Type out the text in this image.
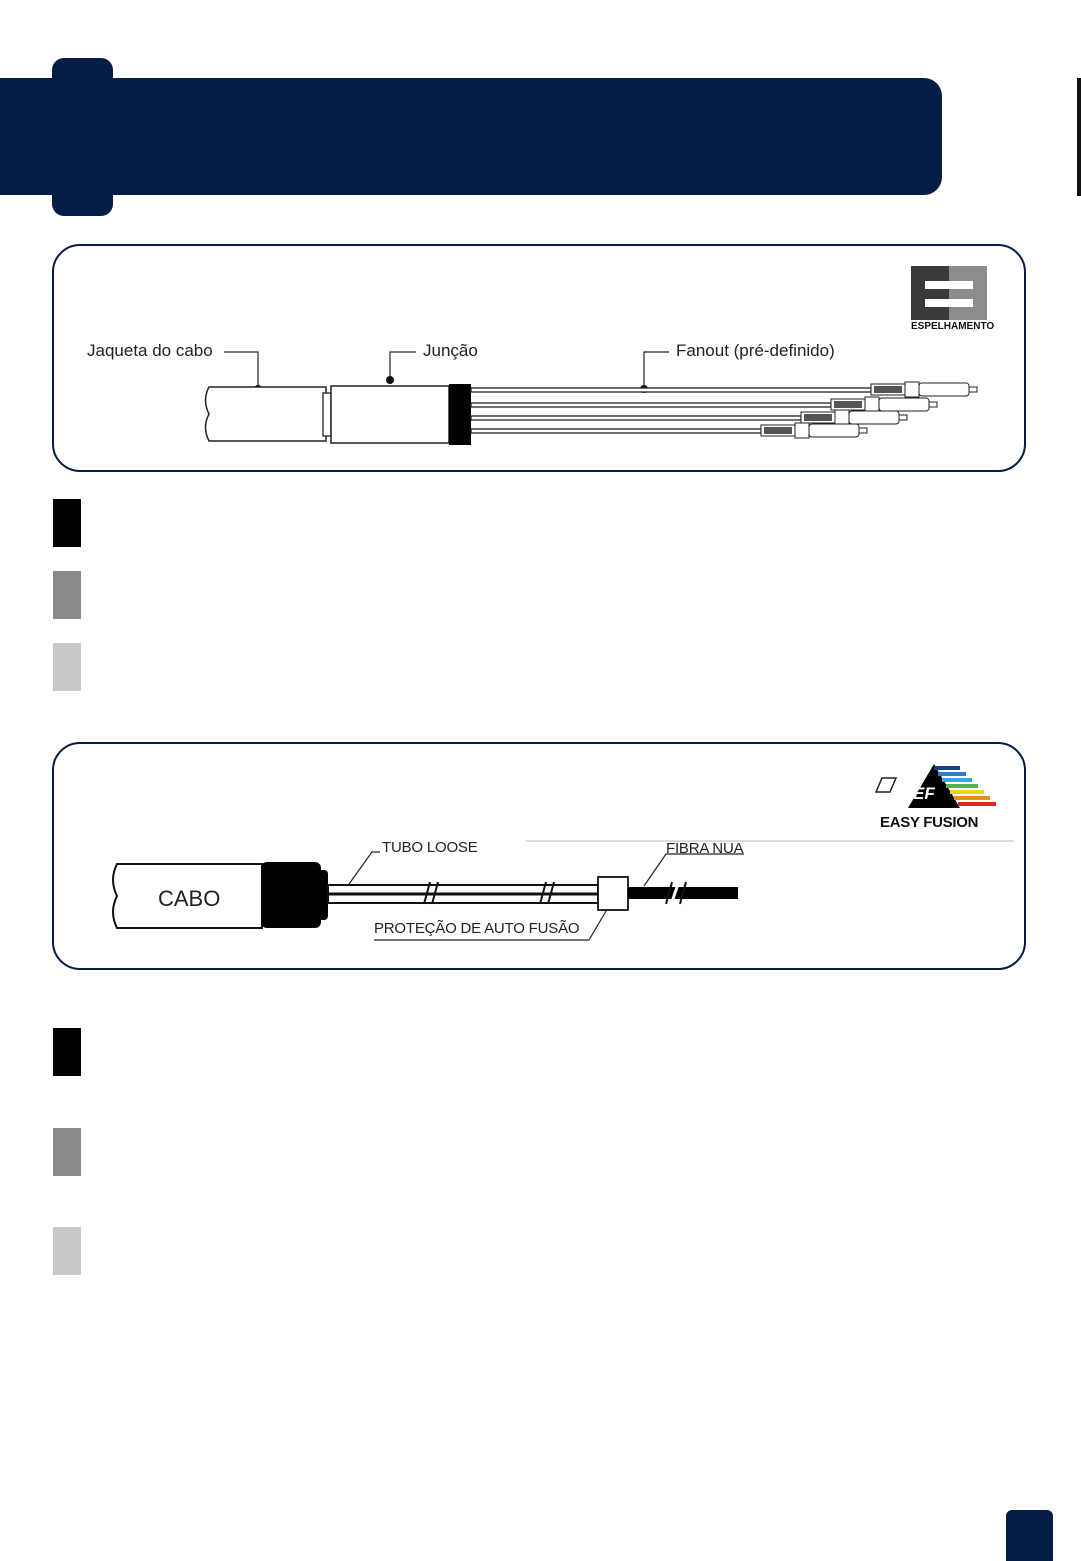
Jaqueta do cabo	Junção	Fanout (pré-definido)
ESPELHAMENTO
TUBO LOOSE	FIBRA NUA
PROTEÇÃO DE AUTO FUSÃO
CABO
EF
EASY FUSION
